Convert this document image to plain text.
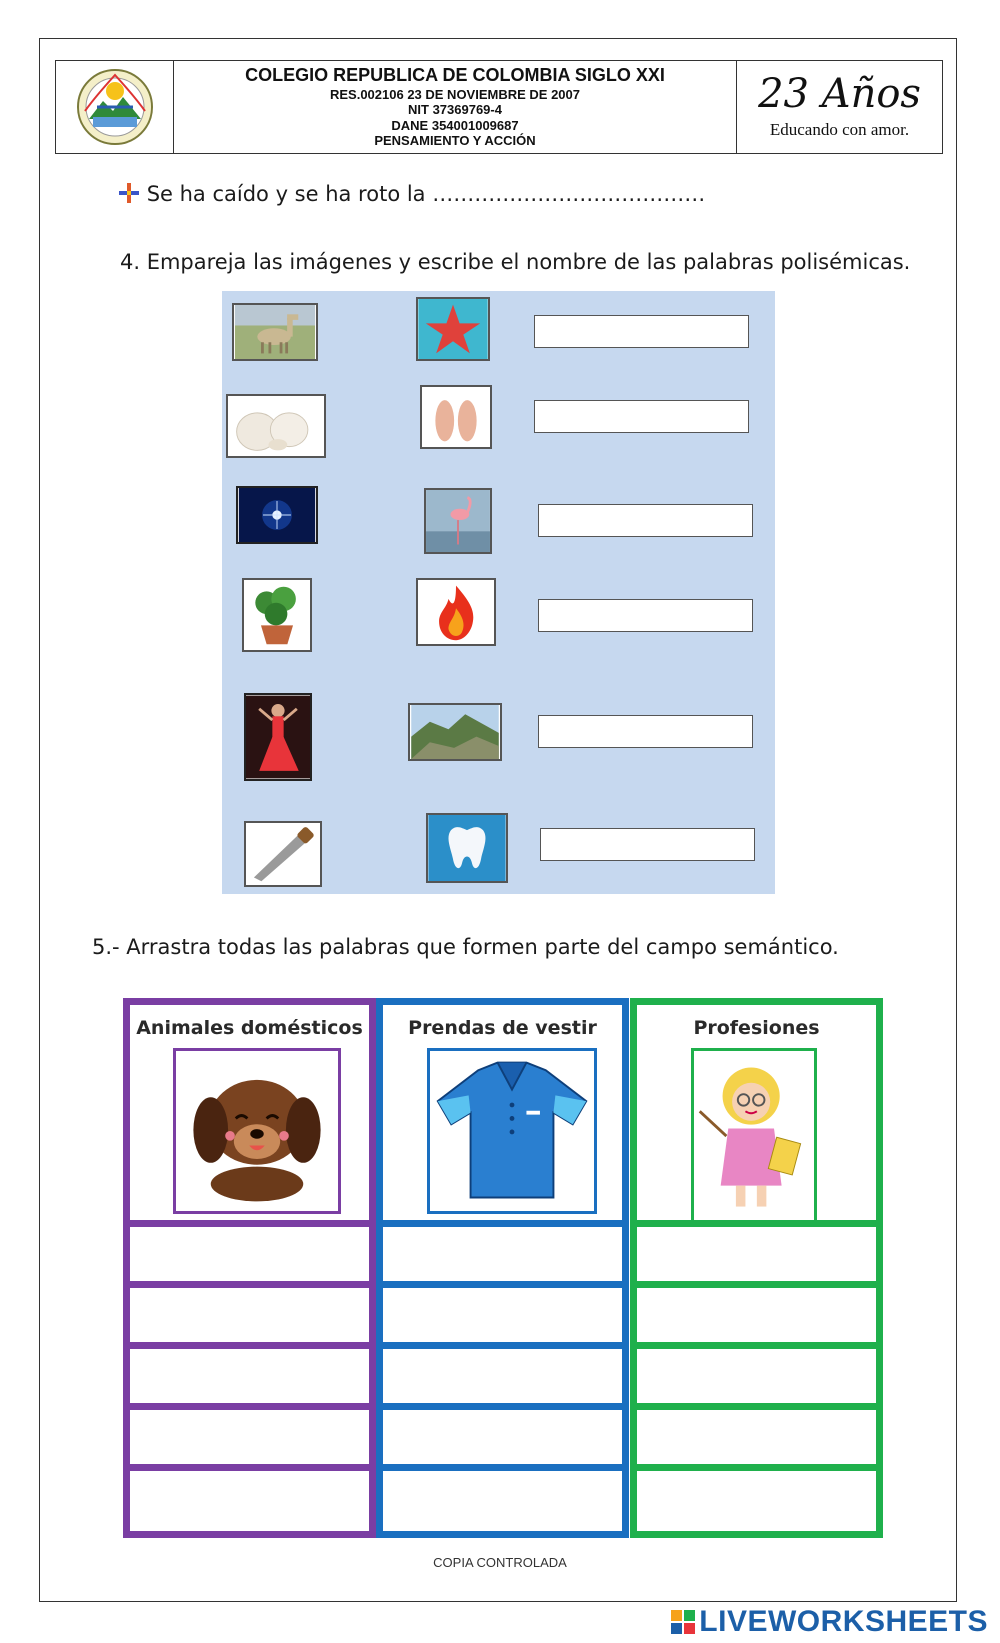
COLEGIO REPUBLICA DE COLOMBIA SIGLO XXI
RES.002106 23 DE NOVIEMBRE DE 2007
NIT 37369769-4
DANE 354001009687
PENSAMIENTO Y ACCIÓN
23 Años
Educando con amor.
Se ha caído y se ha roto la …………………………………
4. Empareja las imágenes y escribe el nombre de las palabras polisémicas.
5.- Arrastra todas las palabras que formen parte del campo semántico.
Animales domésticos	Prendas de vestir	Profesiones
COPIA CONTROLADA
LIVEWORKSHEETS
